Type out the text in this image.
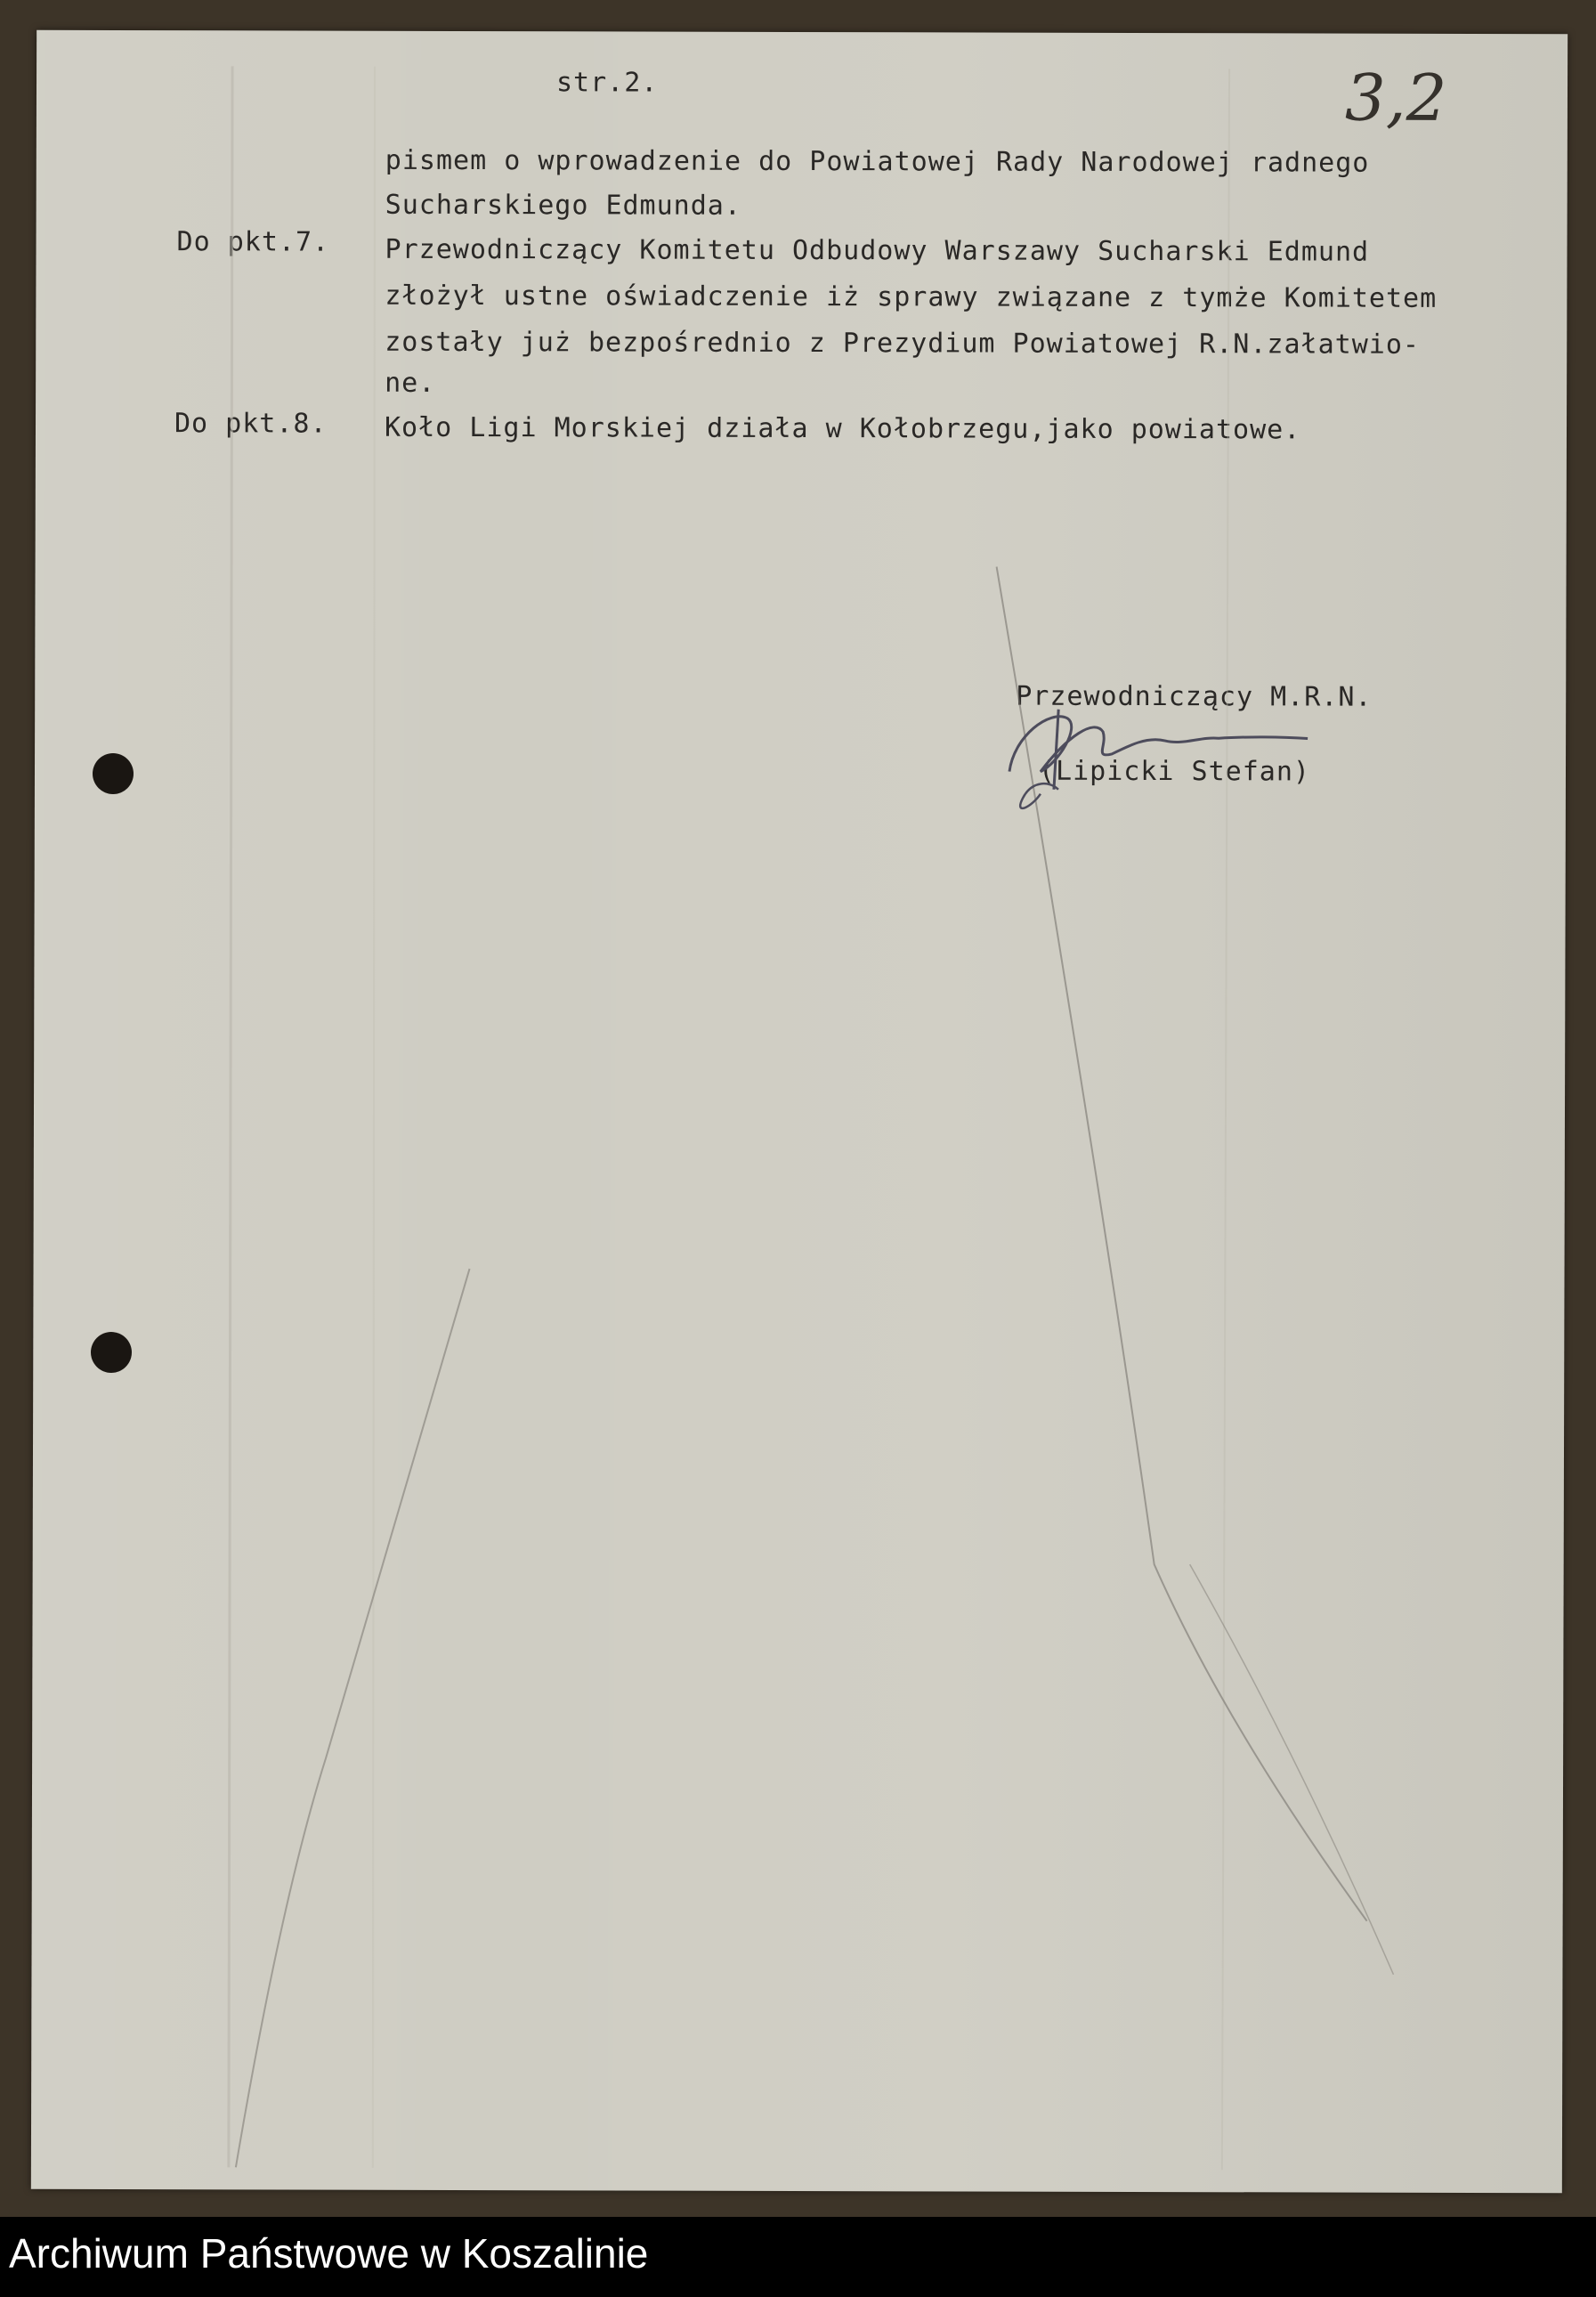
str.2.	3,2
pismem o wprowadzenie do Powiatowej Rady Narodowej radnego
Sucharskiego Edmunda.
Do pkt.7. Przewodniczący Komitetu Odbudowy Warszawy Sucharski Edmund
złożył ustne oświadczenie iż sprawy związane z tymże Komitetem
zostały już bezpośrednio z Prezydium Powiatowej R.N.załatwio-
ne.
Do pkt.8. Koło Ligi Morskiej działa w Kołobrzegu,jako powiatowe.
Przewodniczący M.R.N.
(Lipicki Stefan)
Archiwum Państwowe w Koszalinie
